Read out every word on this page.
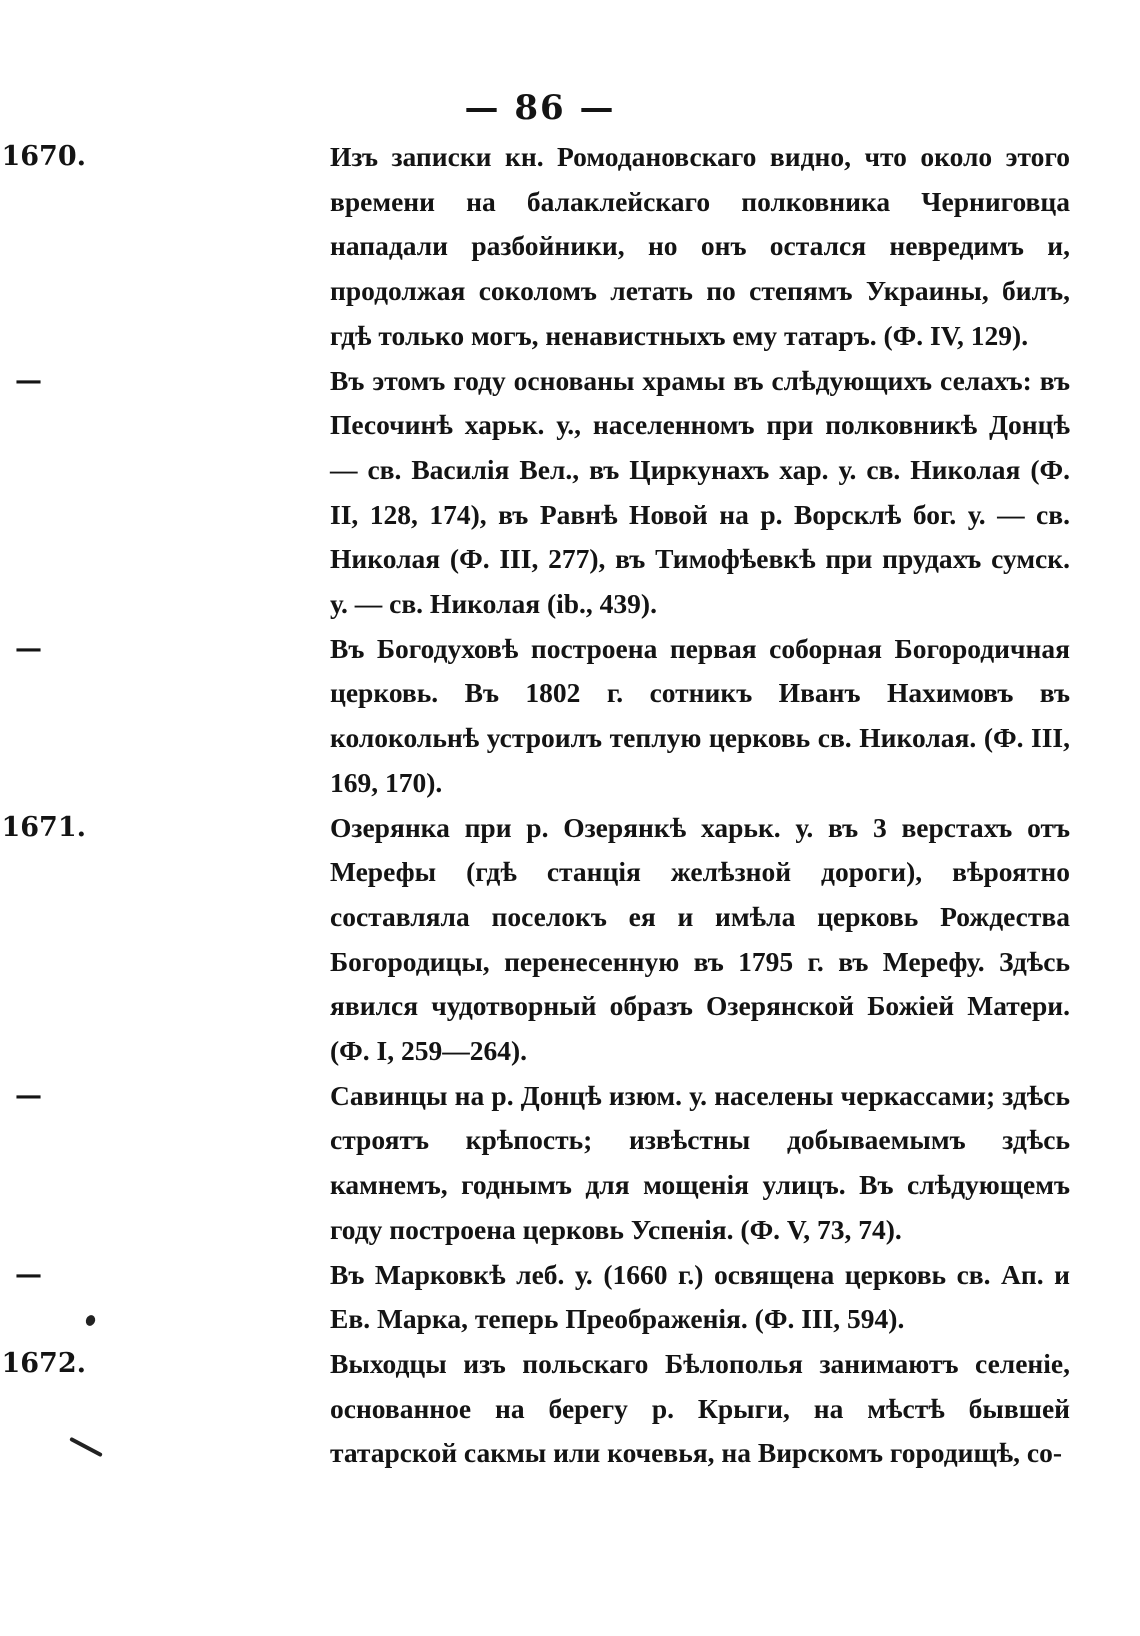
— 86 —
1670.	Изъ записки кн. Ромодановскаго видно, что около этого времени на балаклейскаго полковника Черниговца нападали разбойники, но онъ остался невредимъ и, продолжая соколомъ летать по степямъ Украины, билъ, гдѣ только могъ, ненавистныхъ ему татаръ. (Ф. IV, 129).

—	Въ этомъ году основаны храмы въ слѣдующихъ селахъ: въ Песочинѣ харьк. у., населенномъ при полковникѣ Донцѣ — св. Василія Вел., въ Циркунахъ хар. у. св. Николая (Ф. II, 128, 174), въ Равнѣ Новой на р. Ворсклѣ бог. у. — св. Николая (Ф. III, 277), въ Тимофѣевкѣ при прудахъ сумск. у. — св. Николая (ib., 439).

—	Въ Богодуховѣ построена первая соборная Богородичная церковь. Въ 1802 г. сотникъ Иванъ Нахимовъ въ колокольнѣ устроилъ теплую церковь св. Николая. (Ф. III, 169, 170).

1671.	Озерянка при р. Озерянкѣ харьк. у. въ 3 верстахъ отъ Мерефы (гдѣ станція желѣзной дороги), вѣроятно составляла поселокъ ея и имѣла церковь Рождества Богородицы, перенесенную въ 1795 г. въ Мерефу. Здѣсь явился чудотворный образъ Озерянской Божіей Матери. (Ф. I, 259—264).

—	Савинцы на р. Донцѣ изюм. у. населены черкассами; здѣсь строятъ крѣпость; извѣстны добываемымъ здѣсь камнемъ, годнымъ для мощенія улицъ. Въ слѣдующемъ году построена церковь Успенія. (Ф. V, 73, 74).

—	Въ Марковкѣ леб. у. (1660 г.) освящена церковь св. Ап. и Ев. Марка, теперь Преображенія. (Ф. III, 594).

1672.	Выходцы изъ польскаго Бѣлополья занимаютъ селеніе, основанное на берегу р. Крыги, на мѣстѣ бывшей татарской сакмы или кочевья, на Вирскомъ городищѣ, со-
